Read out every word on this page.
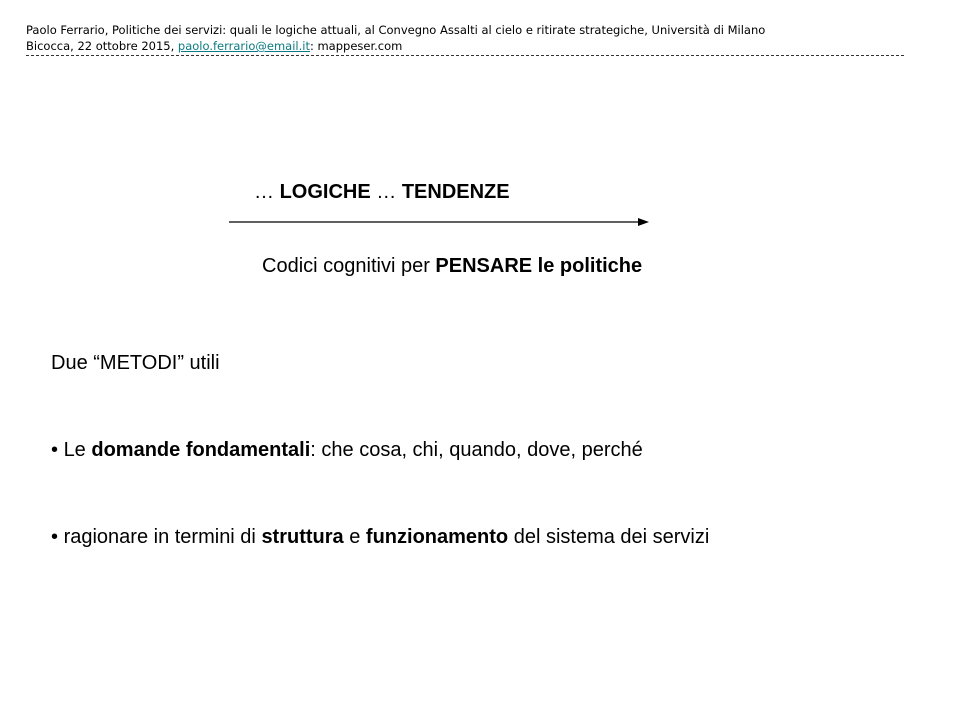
Paolo Ferrario, Politiche dei servizi: quali le logiche attuali, al Convegno Assalti al cielo e ritirate strategiche, Università di Milano
Bicocca, 22 ottobre 2015, paolo.ferrario@email.it: mappeser.com
… LOGICHE … TENDENZE
Codici cognitivi per PENSARE le politiche
Due “METODI” utili
• Le domande fondamentali: che cosa, chi, quando, dove, perché
• ragionare in termini di struttura e funzionamento del sistema dei servizi
